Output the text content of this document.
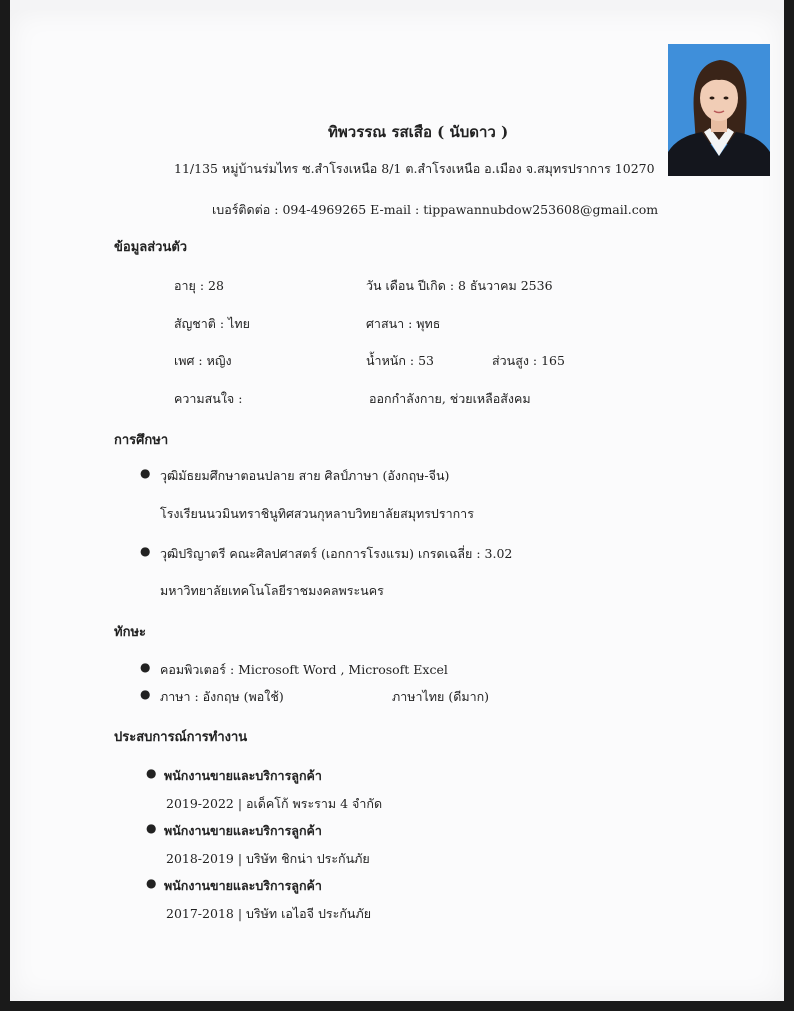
ทิพวรรณ รสเสือ ( นับดาว )
11/135 หมู่บ้านร่มไทร ซ.สำโรงเหนือ 8/1 ต.สำโรงเหนือ อ.เมือง จ.สมุทรปราการ 10270
เบอร์ติดต่อ : 094-4969265 E-mail : tippawannubdow253608@gmail.com
ข้อมูลส่วนตัว
อายุ : 28	วัน เดือน ปีเกิด : 8 ธันวาคม 2536
สัญชาติ : ไทย	ศาสนา : พุทธ
เพศ : หญิง	น้ำหนัก : 53	ส่วนสูง : 165
ความสนใจ :	ออกกำลังกาย, ช่วยเหลือสังคม
การศึกษา
● วุฒิมัธยมศึกษาตอนปลาย สาย ศิลป์ภาษา (อังกฤษ-จีน)
โรงเรียนนวมินทราชินูทิศสวนกุหลาบวิทยาลัยสมุทรปราการ
● วุฒิปริญาตรี คณะศิลปศาสตร์ (เอกการโรงแรม) เกรดเฉลี่ย : 3.02
มหาวิทยาลัยเทคโนโลยีราชมงคลพระนคร
ทักษะ
● คอมพิวเตอร์ : Microsoft Word , Microsoft Excel
● ภาษา : อังกฤษ (พอใช้)	ภาษาไทย (ดีมาก)
ประสบการณ์การทำงาน
● พนักงานขายและบริการลูกค้า
2019-2022 | อเด็คโก้ พระราม 4 จำกัด
● พนักงานขายและบริการลูกค้า
2018-2019 | บริษัท ชิกน่า ประกันภัย
● พนักงานขายและบริการลูกค้า
2017-2018 | บริษัท เอไอจี ประกันภัย
